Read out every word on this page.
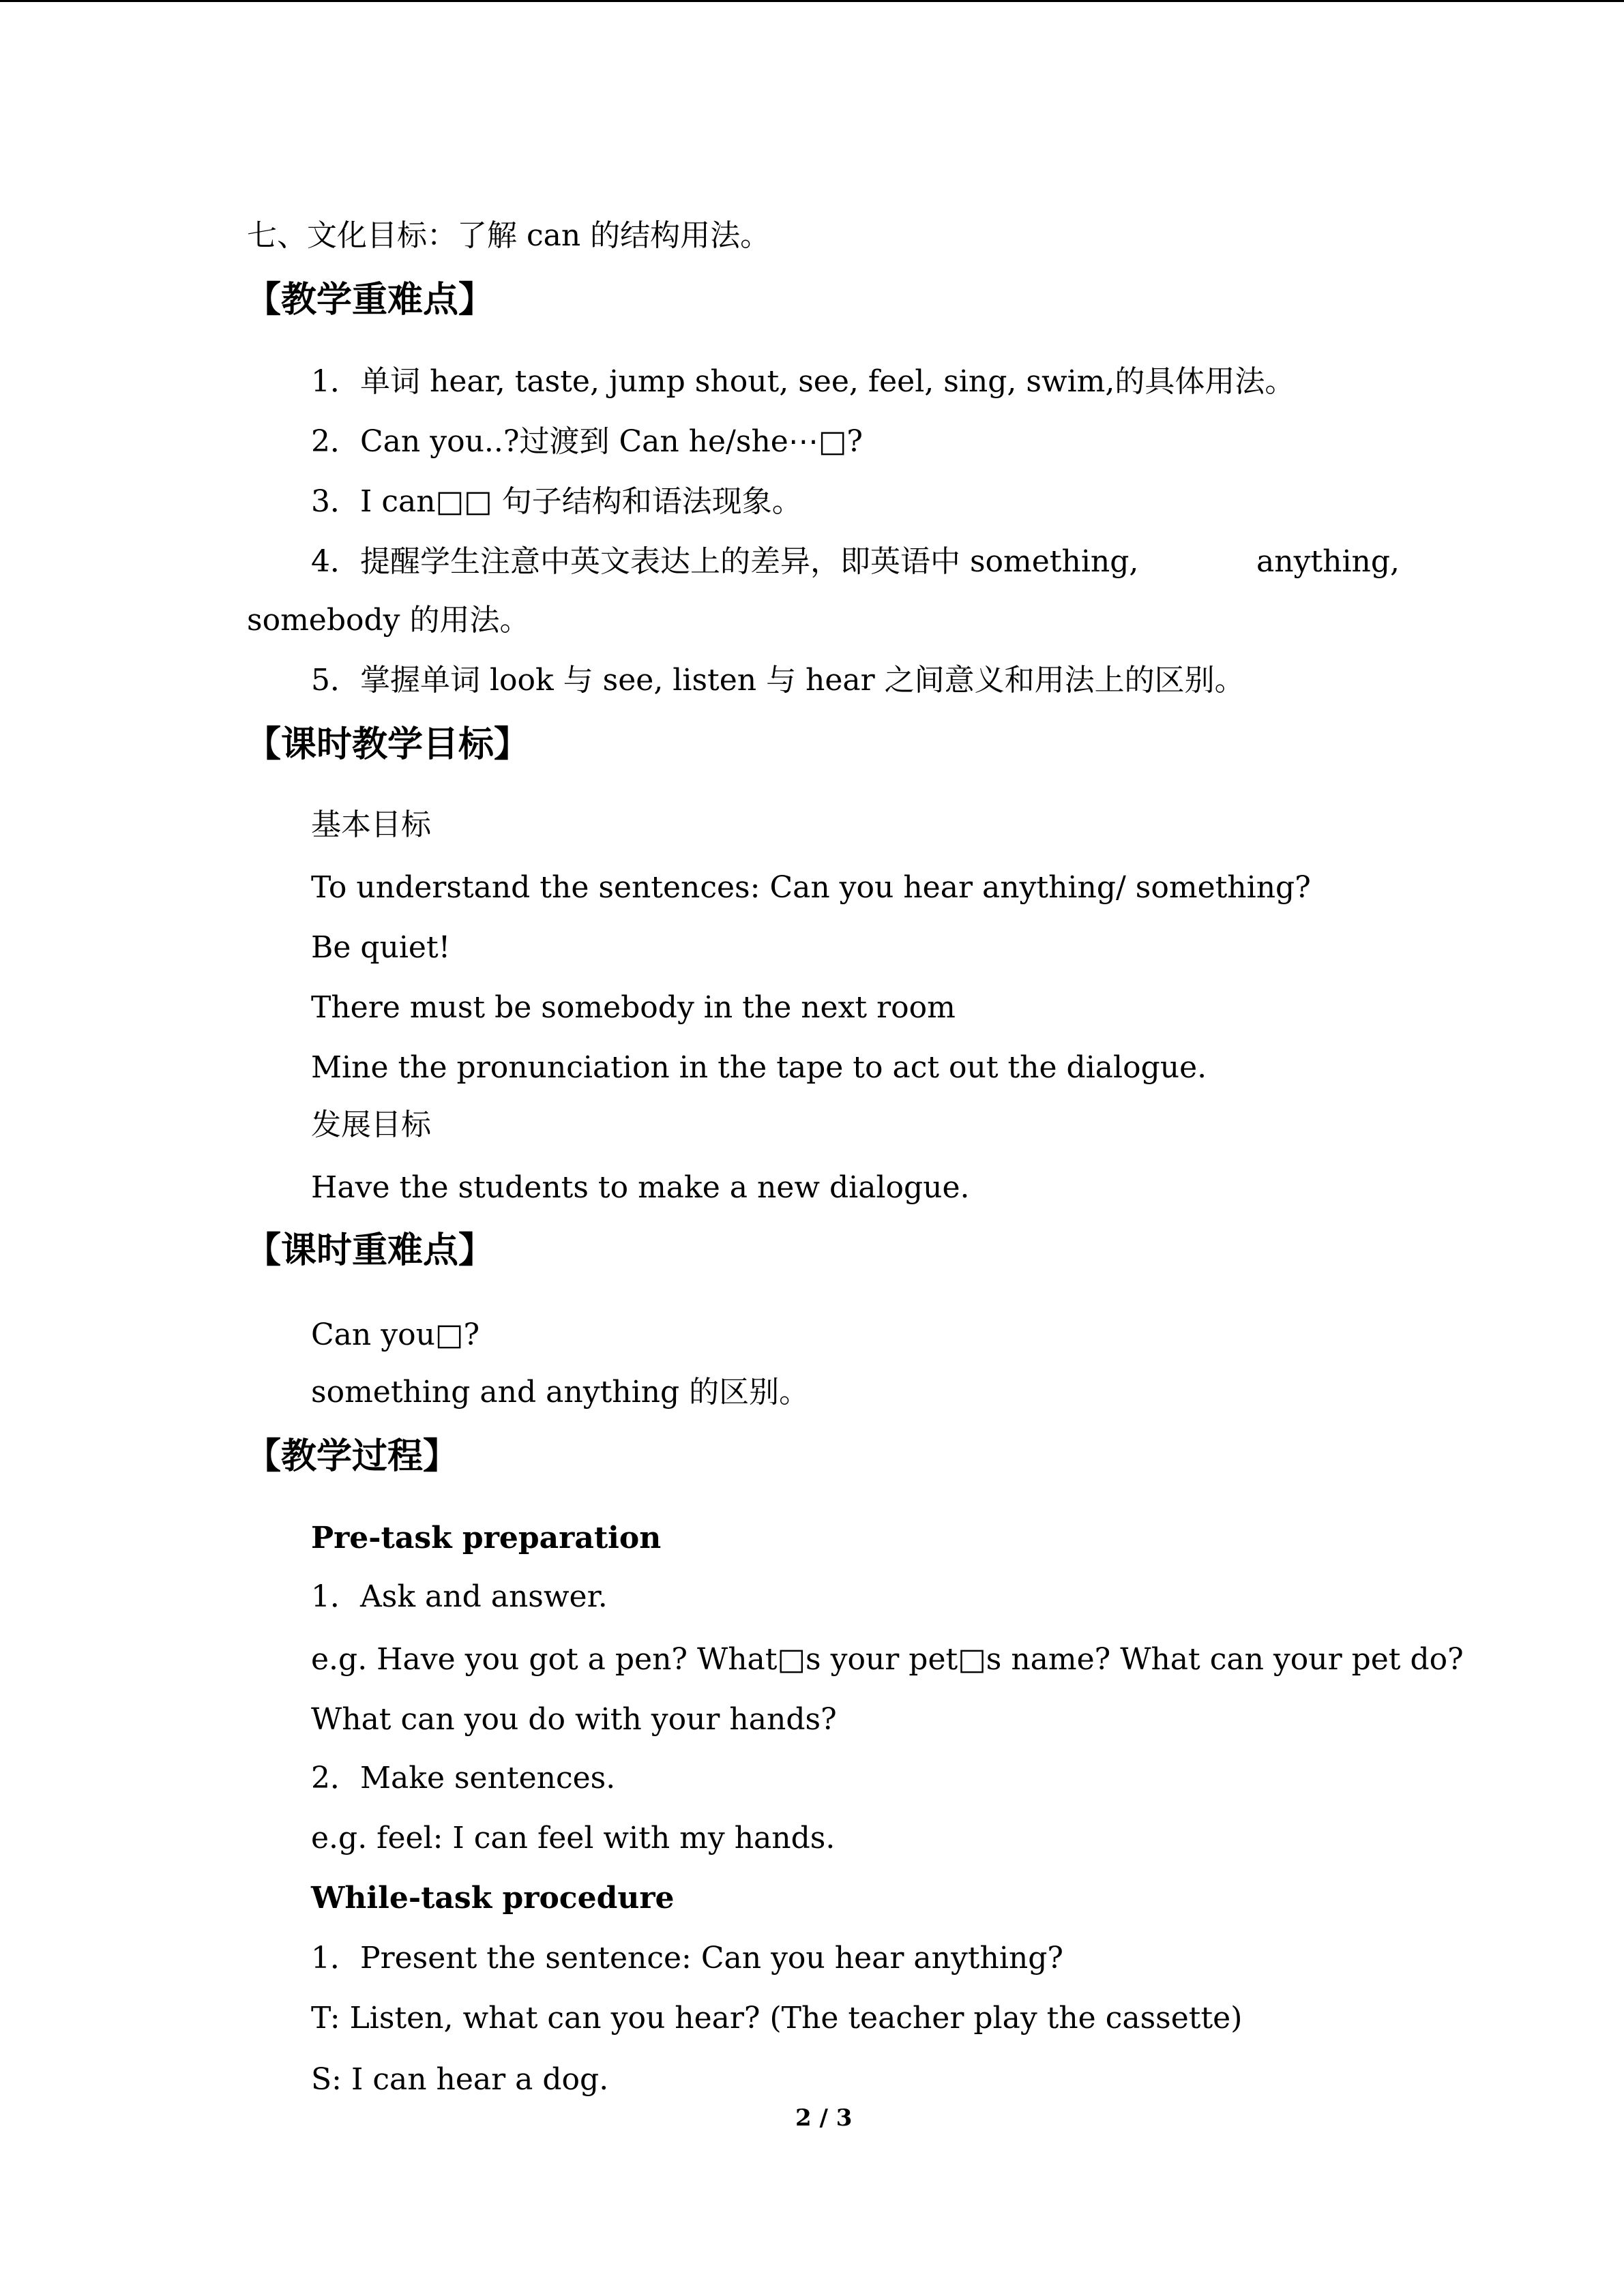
七、文化目标：了解 can 的结构用法。
【教学重难点】
1．单词 hear, taste, jump shout, see, feel, sing, swim,的具体用法。
2．Can you..?过渡到 Can he/she⋯□?
3．I can□□ 句子结构和语法现象。
4．提醒学生注意中英文表达上的差异，即英语中 something,	anything,
somebody 的用法。
5．掌握单词 look 与 see, listen 与 hear 之间意义和用法上的区别。
【课时教学目标】
基本目标
To understand the sentences: Can you hear anything/ something?
Be quiet!
There must be somebody in the next room
Mine the pronunciation in the tape to act out the dialogue.
发展目标
Have the students to make a new dialogue.
【课时重难点】
Can you□?
something and anything 的区别。
【教学过程】
Pre-task preparation
1．Ask and answer.
e.g. Have you got a pen? What□s your pet□s name? What can your pet do?
What can you do with your hands?
2．Make sentences.
e.g. feel: I can feel with my hands.
While-task procedure
1．Present the sentence: Can you hear anything?
T: Listen, what can you hear? (The teacher play the cassette)
S: I can hear a dog.
2 / 3
